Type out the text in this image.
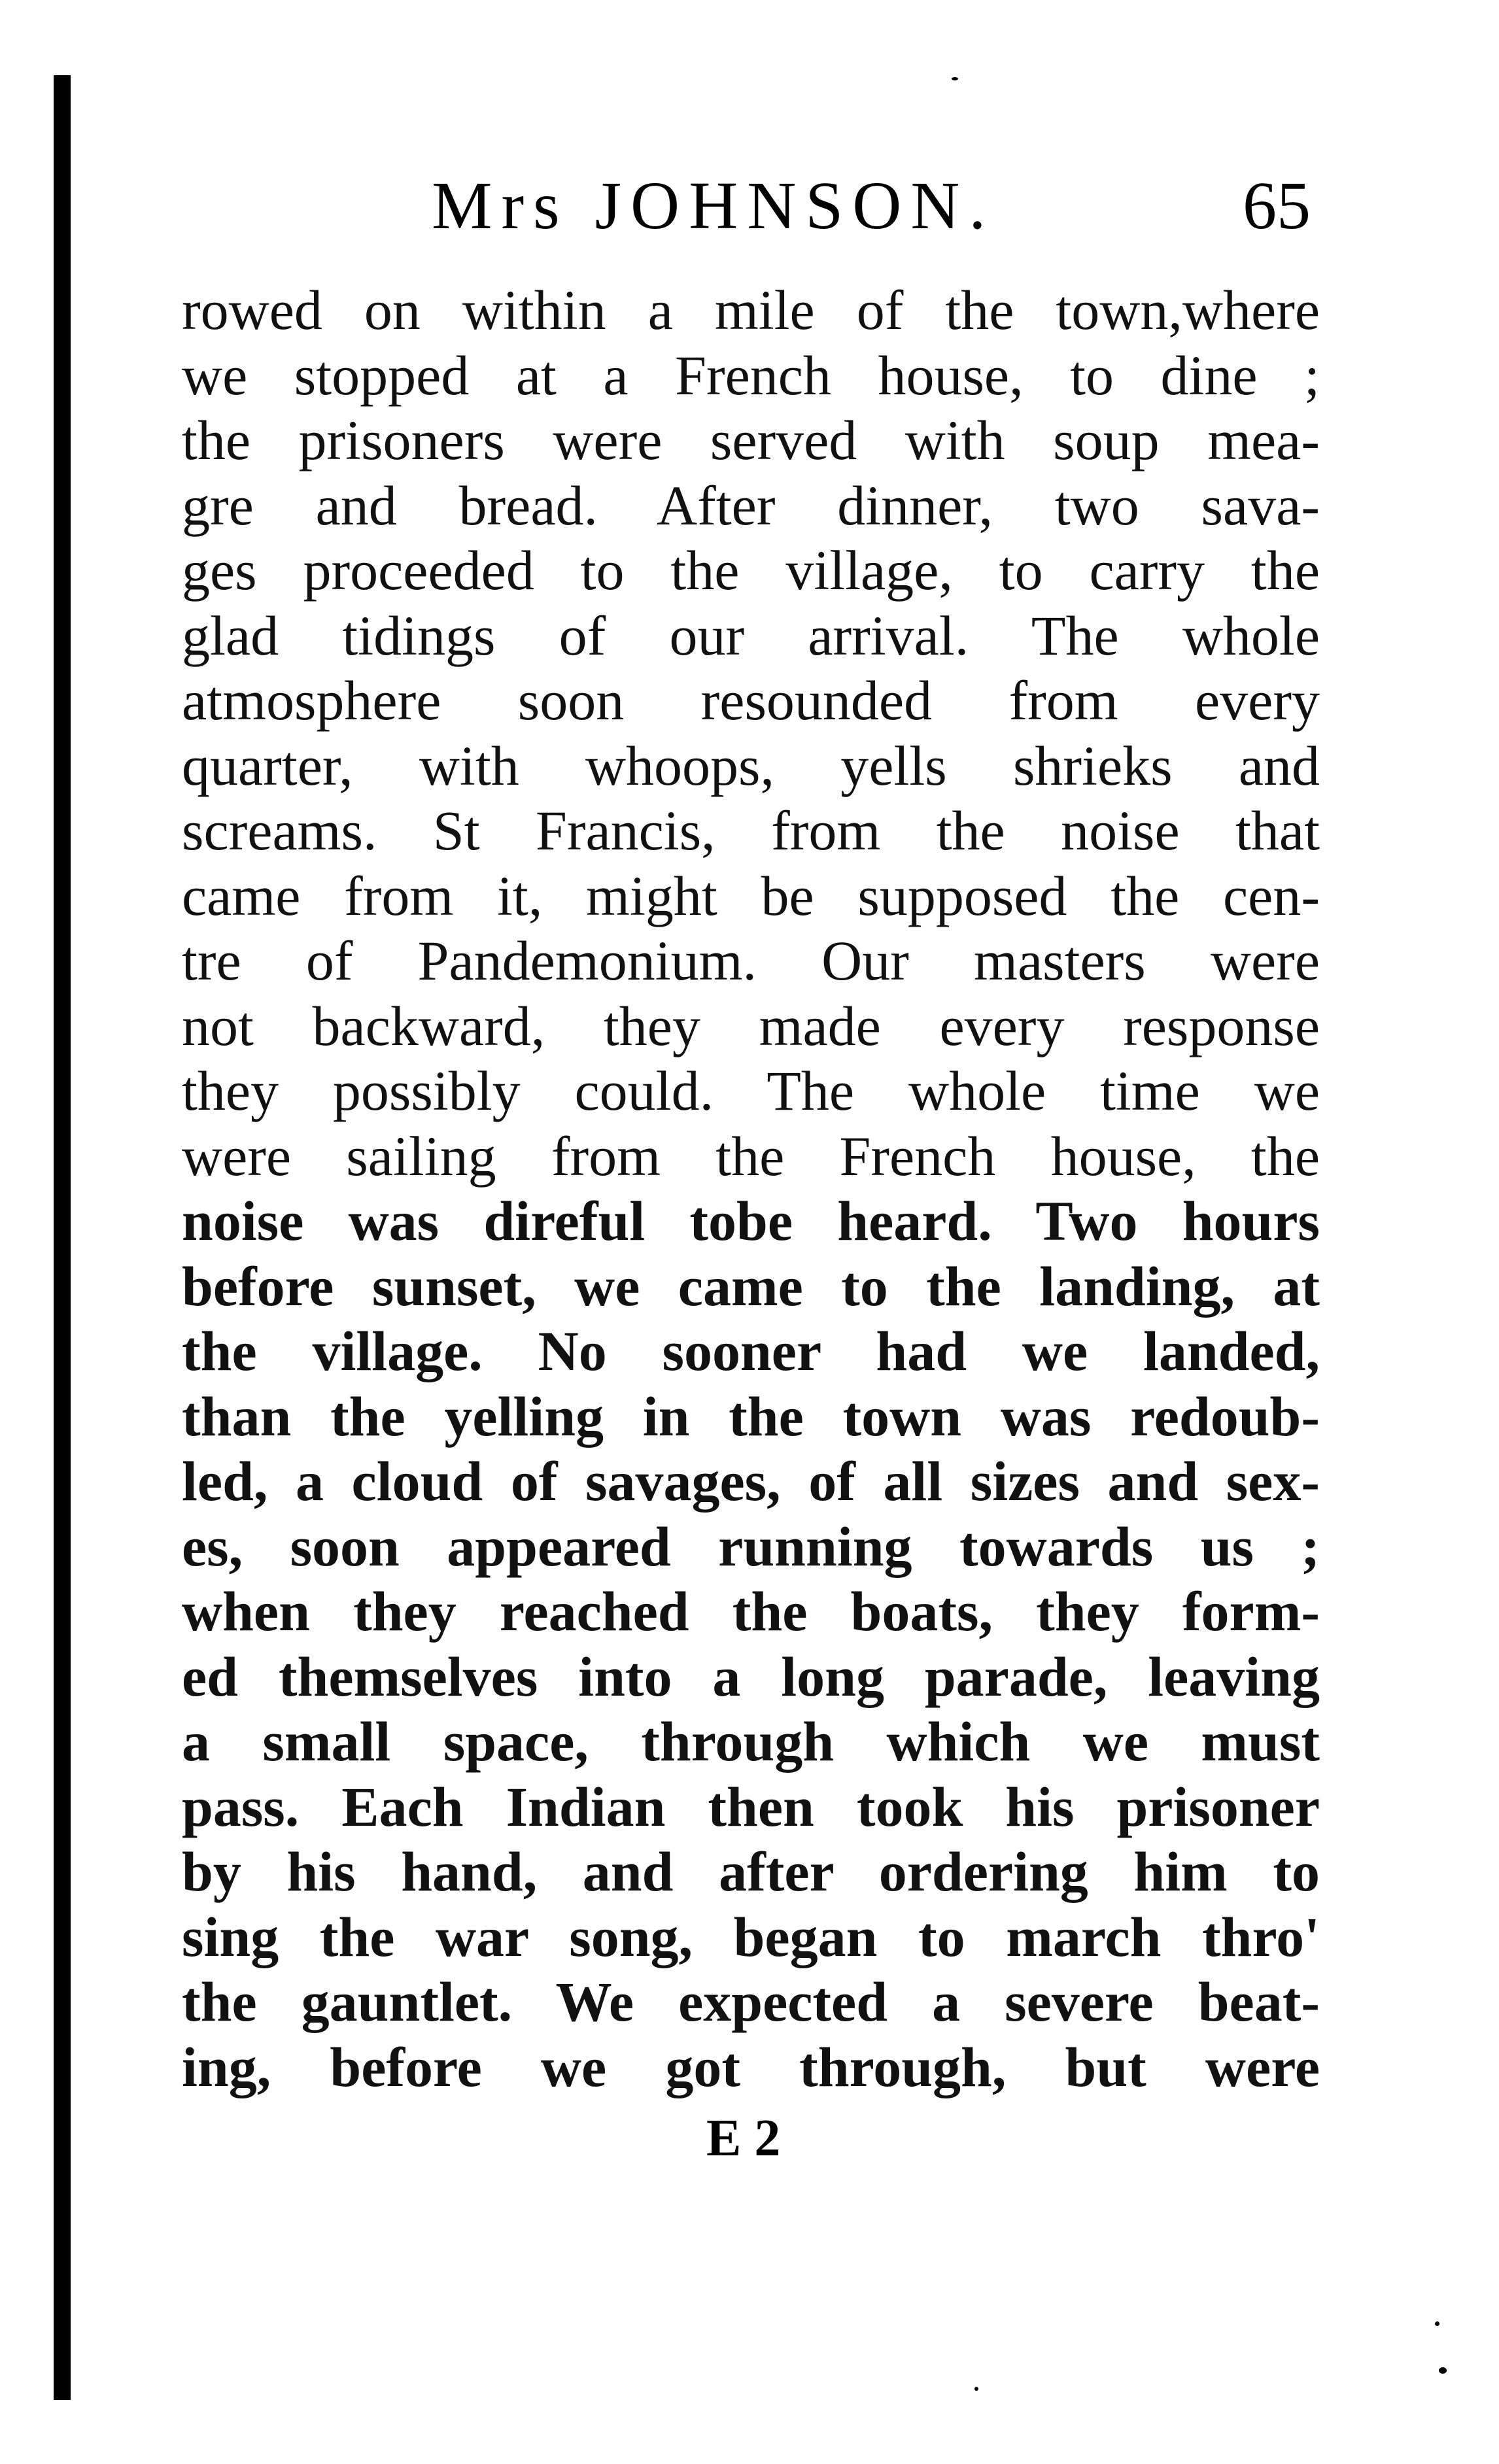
Mrs JOHNSON.	65
rowed on within a mile of the town,where
we stopped at a French house, to dine ;
the prisoners were served with soup mea-
gre and bread. After dinner, two sava-
ges proceeded to the village, to carry the
glad tidings of our arrival. The whole
atmosphere soon resounded from every
quarter, with whoops, yells shrieks and
screams. St Francis, from the noise that
came from it, might be supposed the cen-
tre of Pandemonium. Our masters were
not backward, they made every response
they possibly could. The whole time we
were sailing from the French house, the
noise was direful tobe heard. Two hours
before sunset, we came to the landing, at
the village. No sooner had we landed,
than the yelling in the town was redoub-
led, a cloud of savages, of all sizes and sex-
es, soon appeared running towards us ;
when they reached the boats, they form-
ed themselves into a long parade, leaving
a small space, through which we must
pass. Each Indian then took his prisoner
by his hand, and after ordering him to
sing the war song, began to march thro'
the gauntlet. We expected a severe beat-
ing, before we got through, but were
E 2
